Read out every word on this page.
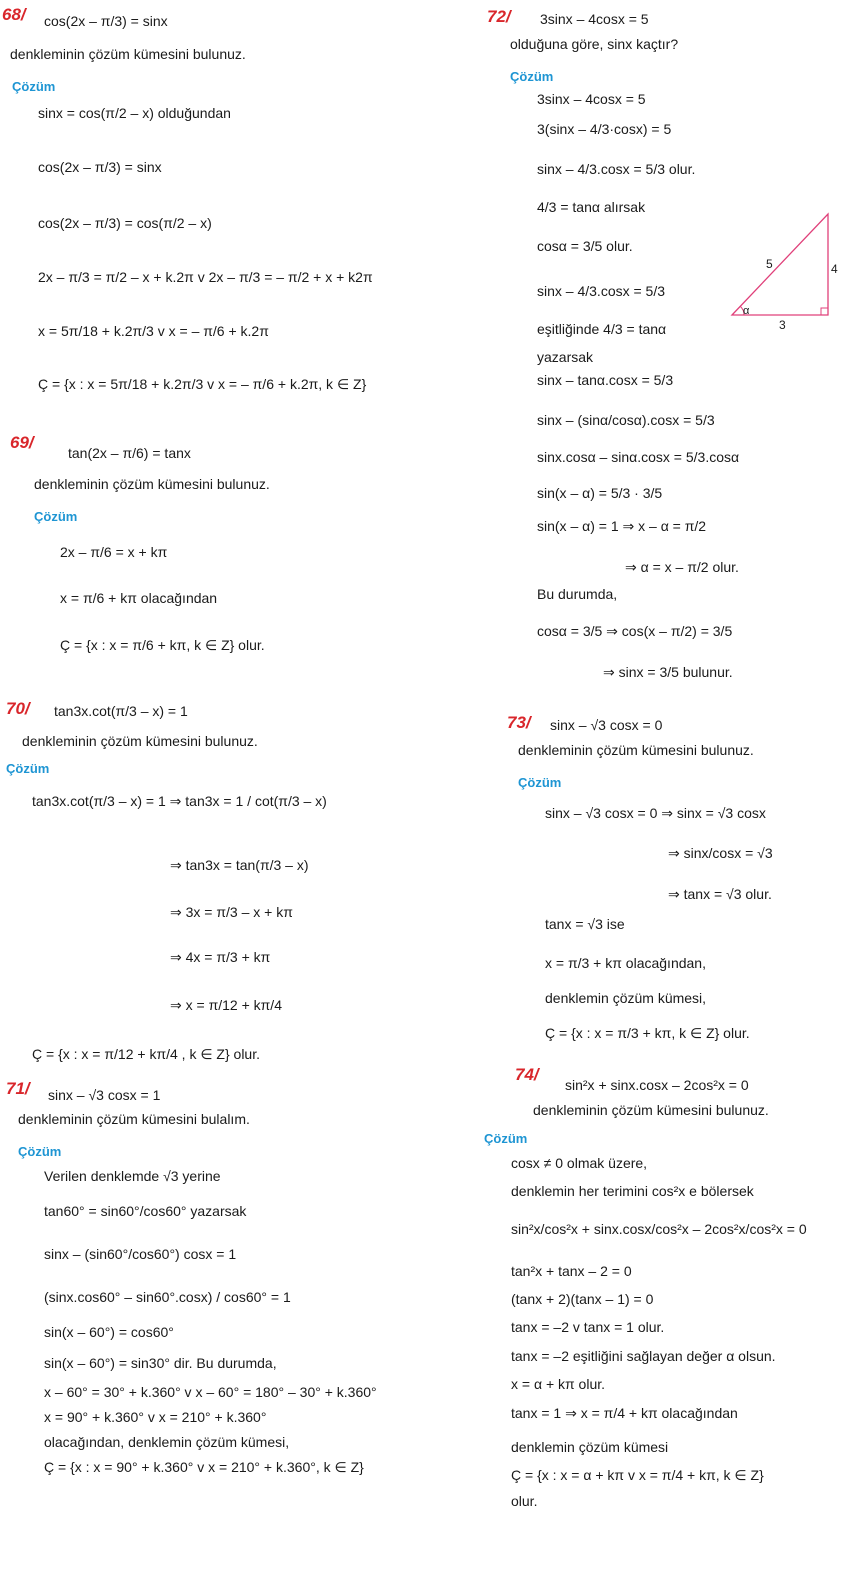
68/ cos(2x – π/3) = sinx
denkleminin çözüm kümesini bulunuz.
Çözüm
sinx = cos(π/2 – x) olduğundan
cos(2x – π/3) = sinx
cos(2x – π/3) = cos(π/2 – x)
2x – π/3 = π/2 – x + k.2π v 2x – π/3 = – π/2 + x + k2π
x = 5π/18 + k.2π/3 v x = – π/6 + k.2π
Ç = {x : x = 5π/18 + k.2π/3 v x = – π/6 + k.2π, k ∈ Z}
69/
tan(2x – π/6) = tanx
denkleminin çözüm kümesini bulunuz.
Çözüm
2x – π/6 = x + kπ
x = π/6 + kπ olacağından
Ç = {x : x = π/6 + kπ, k ∈ Z} olur.
70/ tan3x.cot(π/3 – x) = 1
denkleminin çözüm kümesini bulunuz.
Çözüm
tan3x.cot(π/3 – x) = 1 ⇒ tan3x = 1 / cot(π/3 – x)
⇒ tan3x = tan(π/3 – x)
⇒ 3x = π/3 – x + kπ
⇒ 4x = π/3 + kπ
⇒ x = π/12 + kπ/4
Ç = {x : x = π/12 + kπ/4 , k ∈ Z} olur.
71/ sinx – √3 cosx = 1
denkleminin çözüm kümesini bulalım.
Çözüm
Verilen denklemde √3 yerine
tan60° = sin60°/cos60° yazarsak
sinx – (sin60°/cos60°) cosx = 1
(sinx.cos60° – sin60°.cosx) / cos60° = 1
sin(x – 60°) = cos60°
sin(x – 60°) = sin30° dir. Bu durumda,
x – 60° = 30° + k.360° v x – 60° = 180° – 30° + k.360°
x = 90° + k.360° v x = 210° + k.360°
olacağından, denklemin çözüm kümesi,
Ç = {x : x = 90° + k.360° v x = 210° + k.360°, k ∈ Z}
72/ 3sinx – 4cosx = 5
olduğuna göre, sinx kaçtır?
Çözüm
3sinx – 4cosx = 5
3(sinx – 4/3·cosx) = 5
sinx – 4/3.cosx = 5/3 olur.
4/3 = tanα alırsak
cosα = 3/5 olur.
sinx – 4/3.cosx = 5/3
eşitliğinde 4/3 = tanα
yazarsak
sinx – tanα.cosx = 5/3
sinx – (sinα/cosα).cosx = 5/3
sinx.cosα – sinα.cosx = 5/3.cosα
sin(x – α) = 5/3 · 3/5
sin(x – α) = 1 ⇒ x – α = π/2
⇒ α = x – π/2 olur.
Bu durumda,
cosα = 3/5 ⇒ cos(x – π/2) = 3/5
⇒ sinx = 3/5 bulunur.
5	4
3
α
73/ sinx – √3 cosx = 0
denkleminin çözüm kümesini bulunuz.
Çözüm
sinx – √3 cosx = 0 ⇒ sinx = √3 cosx
⇒ sinx/cosx = √3
⇒ tanx = √3 olur.
tanx = √3 ise
x = π/3 + kπ olacağından,
denklemin çözüm kümesi,
Ç = {x : x = π/3 + kπ, k ∈ Z} olur.
74/
sin²x + sinx.cosx – 2cos²x = 0
denkleminin çözüm kümesini bulunuz.
Çözüm
cosx ≠ 0 olmak üzere,
denklemin her terimini cos²x e bölersek
sin²x/cos²x + sinx.cosx/cos²x – 2cos²x/cos²x = 0
tan²x + tanx – 2 = 0
(tanx + 2)(tanx – 1) = 0
tanx = –2 v tanx = 1 olur.
tanx = –2 eşitliğini sağlayan değer α olsun.
x = α + kπ olur.
tanx = 1 ⇒ x = π/4 + kπ olacağından
denklemin çözüm kümesi
Ç = {x : x = α + kπ v x = π/4 + kπ, k ∈ Z}
olur.
